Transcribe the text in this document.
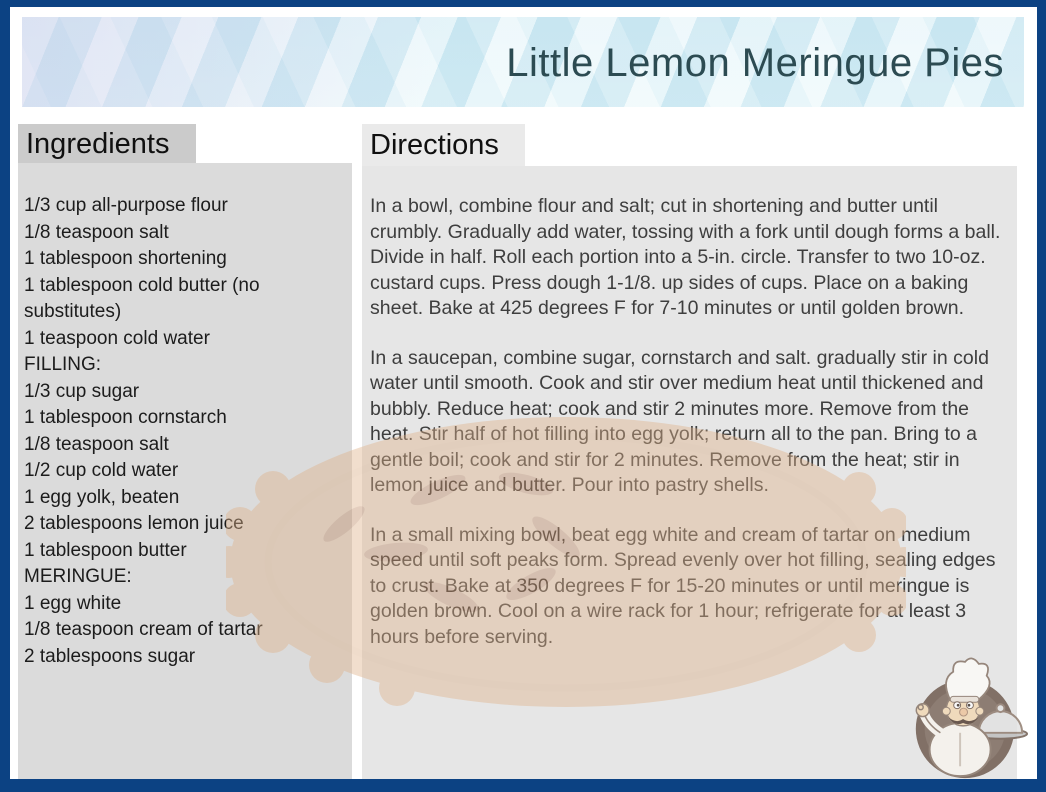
Little Lemon Meringue Pies
Ingredients	Directions
1/3 cup all-purpose flour
1/8 teaspoon salt
1 tablespoon shortening
1 tablespoon cold butter (no substitutes)
1 teaspoon cold water
FILLING:
1/3 cup sugar
1 tablespoon cornstarch
1/8 teaspoon salt
1/2 cup cold water
1 egg yolk, beaten
2 tablespoons lemon juice
1 tablespoon butter
MERINGUE:
1 egg white
1/8 teaspoon cream of tartar
2 tablespoons sugar

In a bowl, combine flour and salt; cut in shortening and butter until crumbly. Gradually add water, tossing with a fork until dough forms a ball. Divide in half. Roll each portion into a 5-in. circle. Transfer to two 10-oz. custard cups. Press dough 1-1/8. up sides of cups. Place on a baking sheet. Bake at 425 degrees F for 7-10 minutes or until golden brown.

In a saucepan, combine sugar, cornstarch and salt. gradually stir in cold water until smooth. Cook and stir over medium heat until thickened and bubbly. Reduce heat; cook and stir 2 minutes more. Remove from the heat. Stir half of hot filling into egg yolk; return all to the pan. Bring to a gentle boil; cook and stir for 2 minutes. Remove from the heat; stir in lemon juice and butter. Pour into pastry shells.

In a small mixing bowl, beat egg white and cream of tartar on medium speed until soft peaks form. Spread evenly over hot filling, sealing edges to crust. Bake at 350 degrees F for 15-20 minutes or until meringue is golden brown. Cool on a wire rack for 1 hour; refrigerate for at least 3 hours before serving.
